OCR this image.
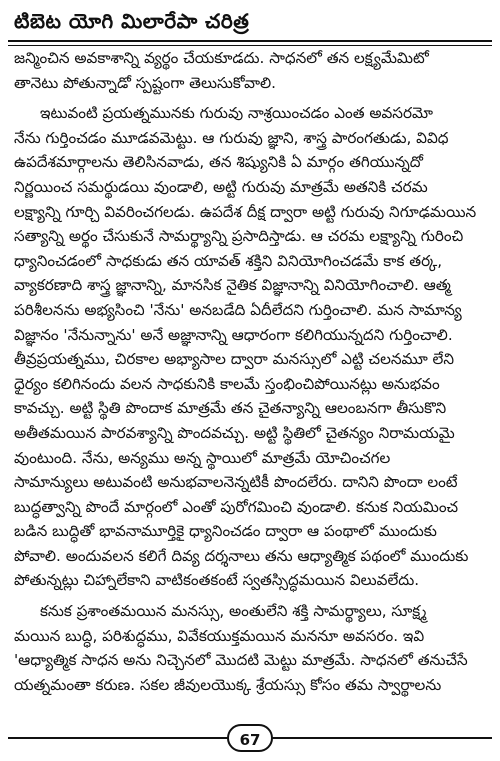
టిబెట యోగి మిలారేపా చరిత్ర
జన్మించిన అవకాశాన్ని వ్యర్థం చేయకూడదు. సాధనలో తన లక్ష్యమేమిటో
తానెటు పోతున్నాడో స్పష్టంగా తెలుసుకోవాలి.
ఇటువంటి ప్రయత్నమునకు గురువు నాశ్రయించడం ఎంత అవసరమో
నేను గుర్తించడం మూడవమెట్టు. ఆ గురువు జ్ఞాని, శాస్త్ర పారంగతుడు, వివిధ
ఉపదేశమార్గాలను తెలిసినవాడు, తన శిష్యునికి ఏ మార్గం తగియున్నదో
నిర్ణయించ సమర్థుడయి వుండాలి, అట్టి గురువు మాత్రమే అతనికి చరమ
లక్ష్యాన్ని గూర్చి వివరించగలడు. ఉపదేశ దీక్ష ద్వారా అట్టి గురువు నిగూఢమయిన
సత్యాన్ని అర్థం చేసుకునే సామర్థ్యాన్ని ప్రసాదిస్తాడు. ఆ చరమ లక్ష్యాన్ని గురించి
ధ్యానించడంలో సాధకుడు తన యావత్ శక్తిని వినియోగించడమే కాక తర్క,
వ్యాకరణాది శాస్త్ర జ్ఞానాన్ని, మానసిక నైతిక విజ్ఞానాన్ని వినియోగించాలి. ఆత్మ
పరిశీలనను అభ్యసించి 'నేను' అనబడేది ఏదీలేదని గుర్తించాలి. మన సామాన్య
విజ్ఞానం 'నేనున్నాను' అనే అజ్ఞానాన్ని ఆధారంగా కలిగియున్నదని గుర్తించాలి.
తీవ్రప్రయత్నము, చిరకాల అభ్యాసాల ద్వారా మనస్సులో ఎట్టి చలనమూ లేని
ధైర్యం కలిగినందు వలన సాధకునికి కాలమే స్తంభించిపోయినట్లు అనుభవం
కావచ్చు. అట్టి స్థితి పొందాక మాత్రమే తన చైతన్యాన్ని ఆలంబనగా తీసుకొని
అతీతమయిన పారవశ్యాన్ని పొందవచ్చు. అట్టి స్థితిలో చైతన్యం నిరామయమై
వుంటుంది. నేను, అన్యము అన్న స్థాయిలో మాత్రమే యోచించగల
సామాన్యులు అటువంటి అనుభవాలనెన్నటికీ పొందలేరు. దానిని పొందా లంటే
బుద్ధత్వాన్ని పొందే మార్గంలో ఎంతో పురోగమించి వుండాలి. కనుక నియమించ
బడిన బుద్ధితో భావనామూర్తికై ధ్యానించడం ద్వారా ఆ పంథాలో ముందుకు
పోవాలి. అందువలన కలిగే దివ్య దర్శనాలు తను ఆధ్యాత్మిక పథంలో ముందుకు
పోతున్నట్లు చిహ్నాలేకాని వాటికంతకంటే స్వతస్సిద్ధమయిన విలువలేదు.
కనుక ప్రశాంతమయిన మనస్సు, అంతులేని శక్తి సామర్థ్యాలు, సూక్ష్మ
మయిన బుద్ధి, పరిశుద్ధము, వివేకయుక్తమయిన మననూ అవసరం. ఇవి
'ఆధ్యాత్మిక సాధన అను నిచ్చెనలో మొదటి మెట్టు మాత్రమే. సాధనలో తనుచేసే
యత్నమంతా కరుణ. సకల జీవులయొక్క శ్రేయస్సు కోసం తమ స్వార్థాలను
67
